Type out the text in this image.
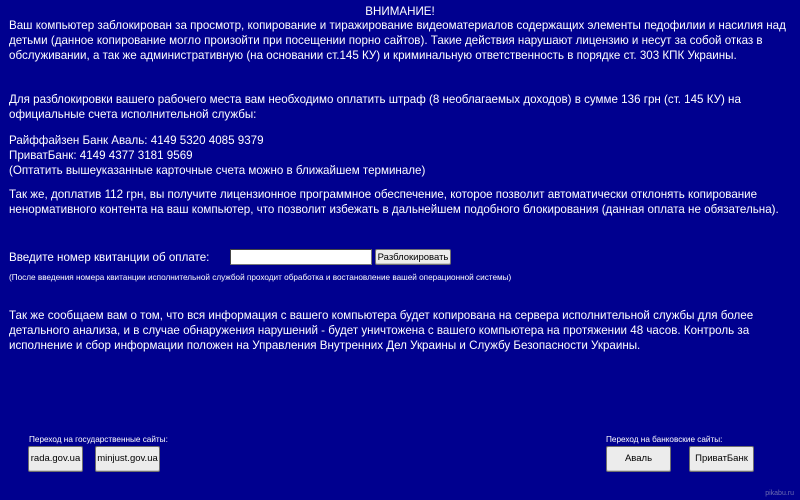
ВНИМАНИЕ!
Ваш компьютер заблокирован за просмотр, копирование и тиражирование видеоматериалов содержащих элементы педофилии и насилия над детьми (данное копирование могло произойти при посещении порно сайтов). Такие действия нарушают лицензию и несут за собой отказ в обслуживании, а так же административную (на основании ст.145 КУ) и криминальную ответственность в порядке ст. 303 КПК Украины.
Для разблокировки вашего рабочего места вам необходимо оплатить штраф (8 необлагаемых доходов) в сумме 136 грн (ст. 145 КУ) на официальные счета исполнительной службы:
Райффайзен Банк Аваль: 4149 5320 4085 9379
ПриватБанк: 4149 4377 3181 9569
(Оптатить вышеуказанные карточные счета можно в ближайшем терминале)
Так же, доплатив 112 грн, вы получите лицензионное программное обеспечение, которое позволит автоматически отклонять копирование ненормативного контента на ваш компьютер, что позволит избежать в дальнейшем подобного блокирования (данная оплата не обязательна).
Введите номер квитанции об оплате:	Разблокировать
(После введения номера квитанции исполнительной службой проходит обработка и востановление вашей операционной системы)
Так же сообщаем вам о том, что вся информация с вашего компьютера будет копирована на сервера исполнительной службы для более детального анализа, и в случае обнаружения нарушений - будет уничтожена с вашего компьютера на протяжении 48 часов. Контроль за исполнение и сбор информации положен на Управления Внутренних Дел Украины и Службу Безопасности Украины.
Переход на государственные сайты:
rada.gov.ua minjust.gov.ua
Переход на банковские сайты:
Аваль	ПриватБанк
pikabu.ru
